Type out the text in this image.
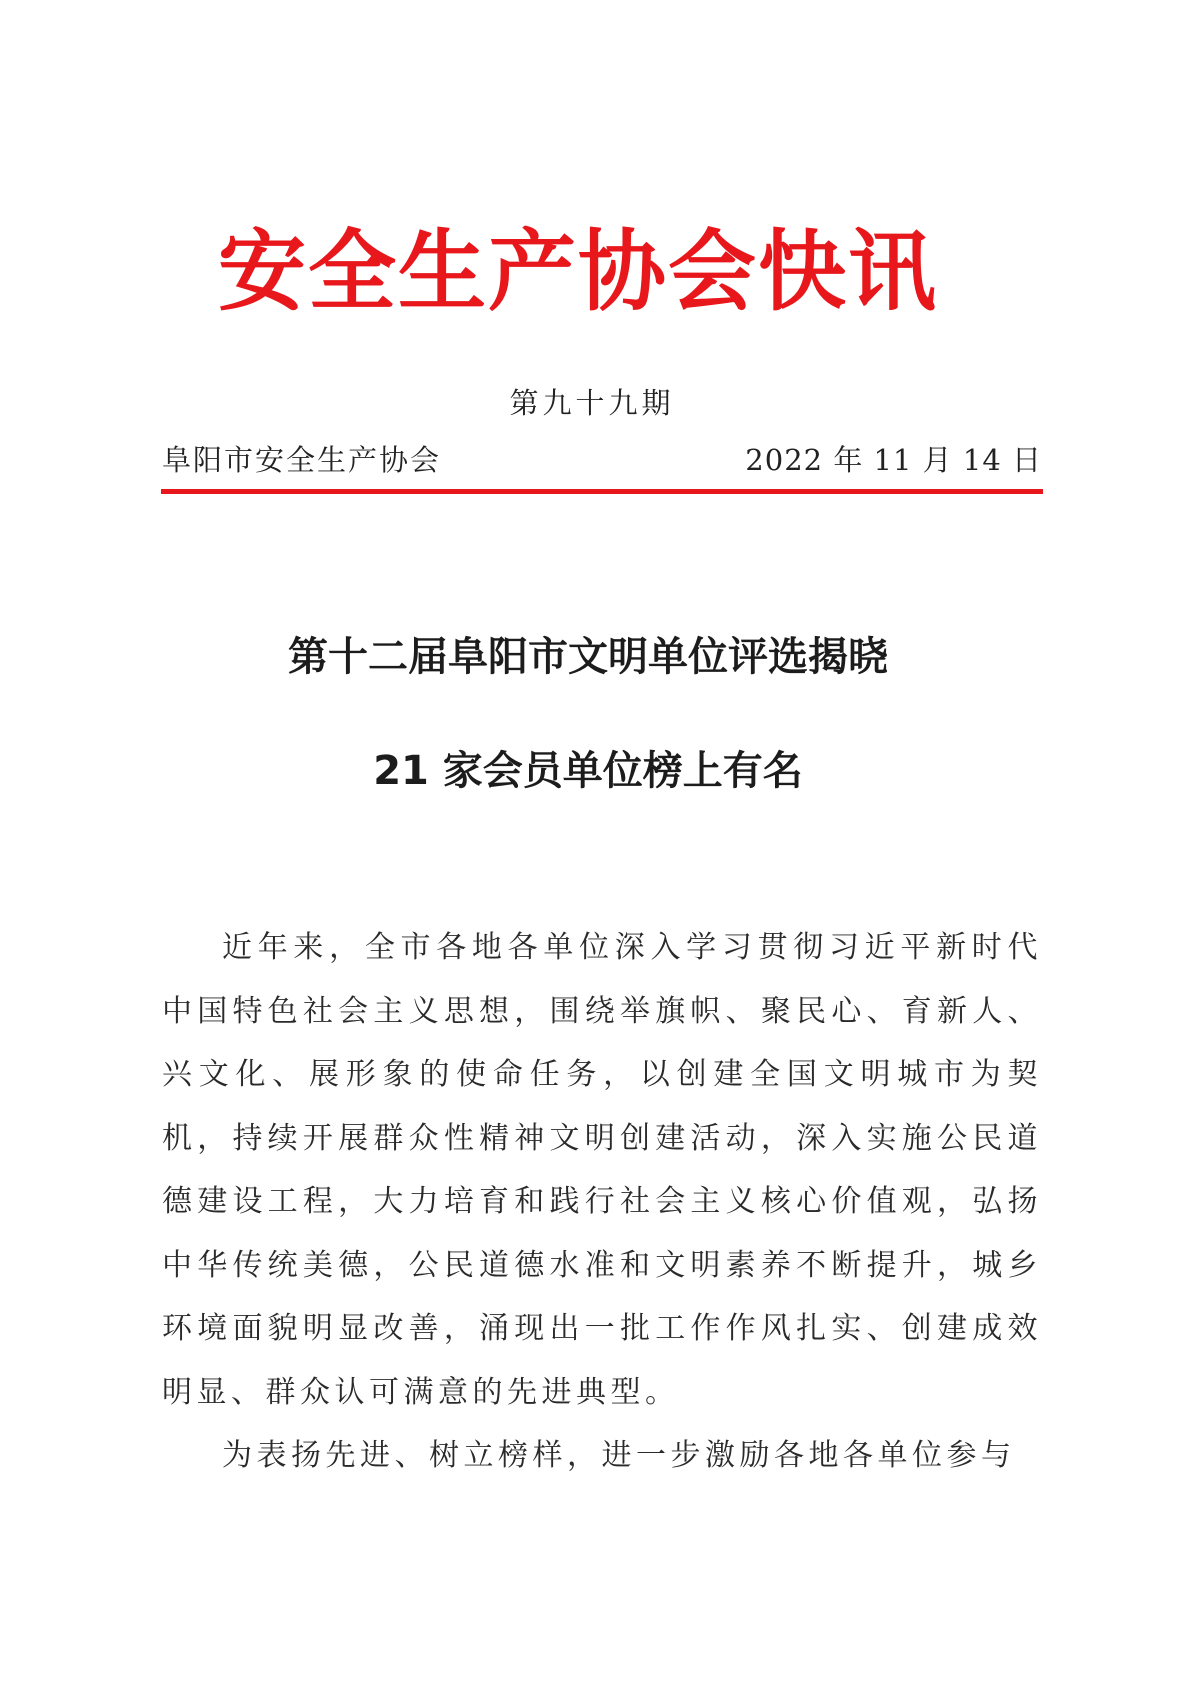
安全生产协会快讯
第九十九期
阜阳市安全生产协会	2022 年 11 月 14 日
第十二届阜阳市文明单位评选揭晓
21 家会员单位榜上有名

近年来，全市各地各单位深入学习贯彻习近平新时代中国特色社会主义思想，围绕举旗帜、聚民心、育新人、兴文化、展形象的使命任务，以创建全国文明城市为契机，持续开展群众性精神文明创建活动，深入实施公民道德建设工程，大力培育和践行社会主义核心价值观，弘扬中华传统美德，公民道德水准和文明素养不断提升，城乡环境面貌明显改善，涌现出一批工作作风扎实、创建成效明显、群众认可满意的先进典型。

为表扬先进、树立榜样，进一步激励各地各单位参与
